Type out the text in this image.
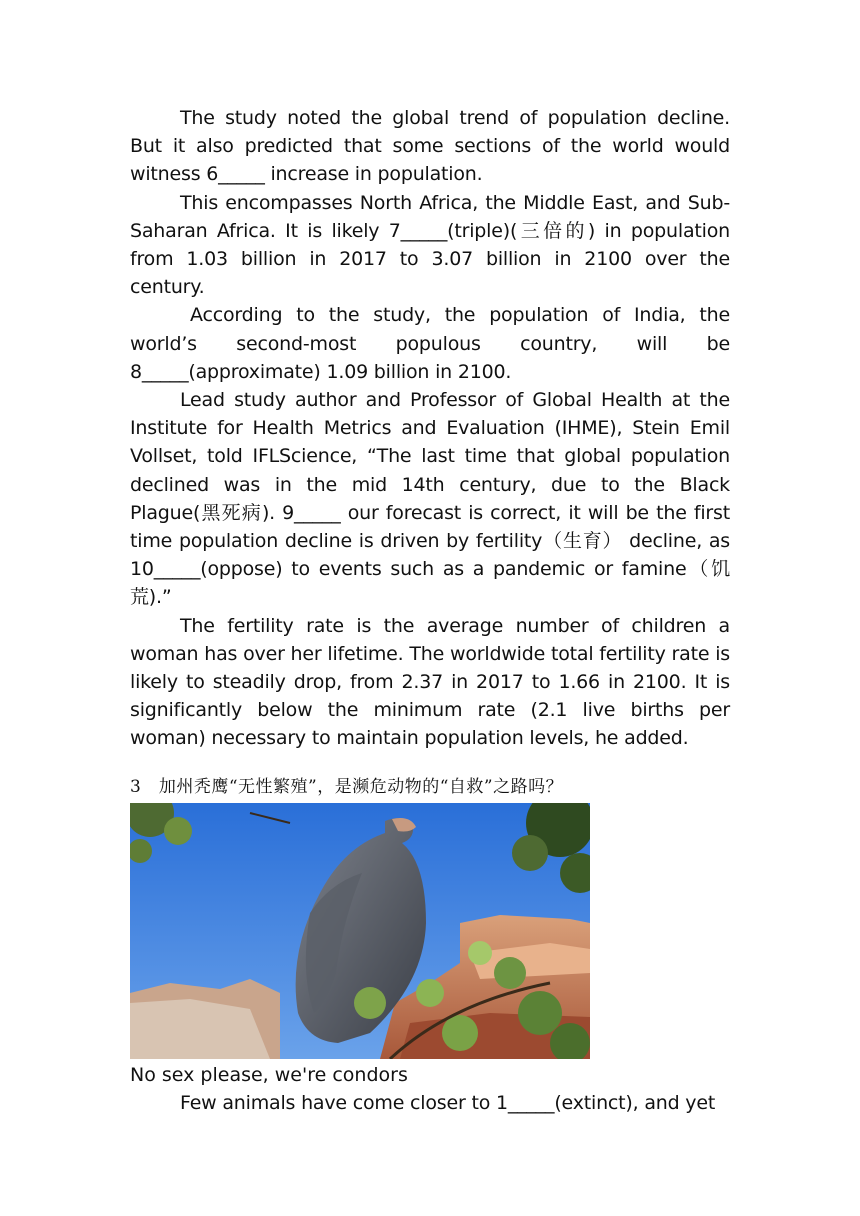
The study noted the global trend of population decline. But it also predicted that some sections of the world would witness 6_____ increase in population.

This encompasses North Africa, the Middle East, and Sub-Saharan Africa. It is likely 7_____(triple)(三倍的) in population from 1.03 billion in 2017 to 3.07 billion in 2100 over the century.

According to the study, the population of India, the world’s second-most populous country, will be 8_____(approximate) 1.09 billion in 2100.

Lead study author and Professor of Global Health at the Institute for Health Metrics and Evaluation (IHME), Stein Emil Vollset, told IFLScience, “The last time that global population declined was in the mid 14th century, due to the Black Plague(黑死病). 9_____ our forecast is correct, it will be the first time population decline is driven by fertility（生育） decline, as 10_____(oppose) to events such as a pandemic or famine（饥荒).”

The fertility rate is the average number of children a woman has over her lifetime. The worldwide total fertility rate is likely to steadily drop, from 2.37 in 2017 to 1.66 in 2100. It is significantly below the minimum rate (2.1 live births per woman) necessary to maintain population levels, he added.

3　加州秃鹰“无性繁殖”，是濒危动物的“自救”之路吗？

No sex please, we're condors

Few animals have come closer to 1_____(extinct), and yet
